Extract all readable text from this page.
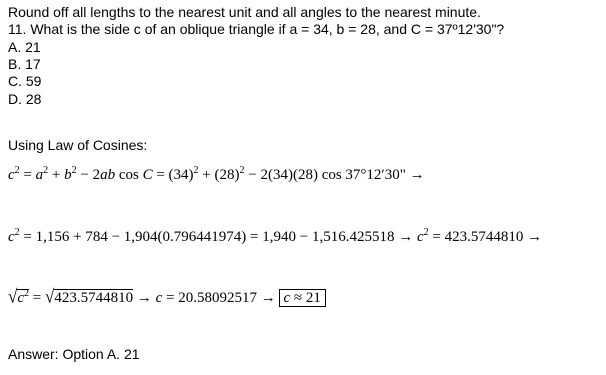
Round off all lengths to the nearest unit and all angles to the nearest minute.
11. What is the side c of an oblique triangle if a = 34, b = 28, and C = 37º12'30"?
A. 21
B. 17
C. 59
D. 28
Using Law of Cosines:
$c^2 = a^2 + b^2 - 2ab$ $\cos C = (34)^2 + (28)^2 - 2(34)(28)$ cos 37°12′30" →
$c^2 = 1,156 + 784 - 1,904(0.796441974) = 1,940 - 1,516.425518 \to c^2 = 423.5744810$ →
$√c^2 = √423.5744810 \to c = 20.58092517 \to c \approx 21$
Answer: Option A. 21
